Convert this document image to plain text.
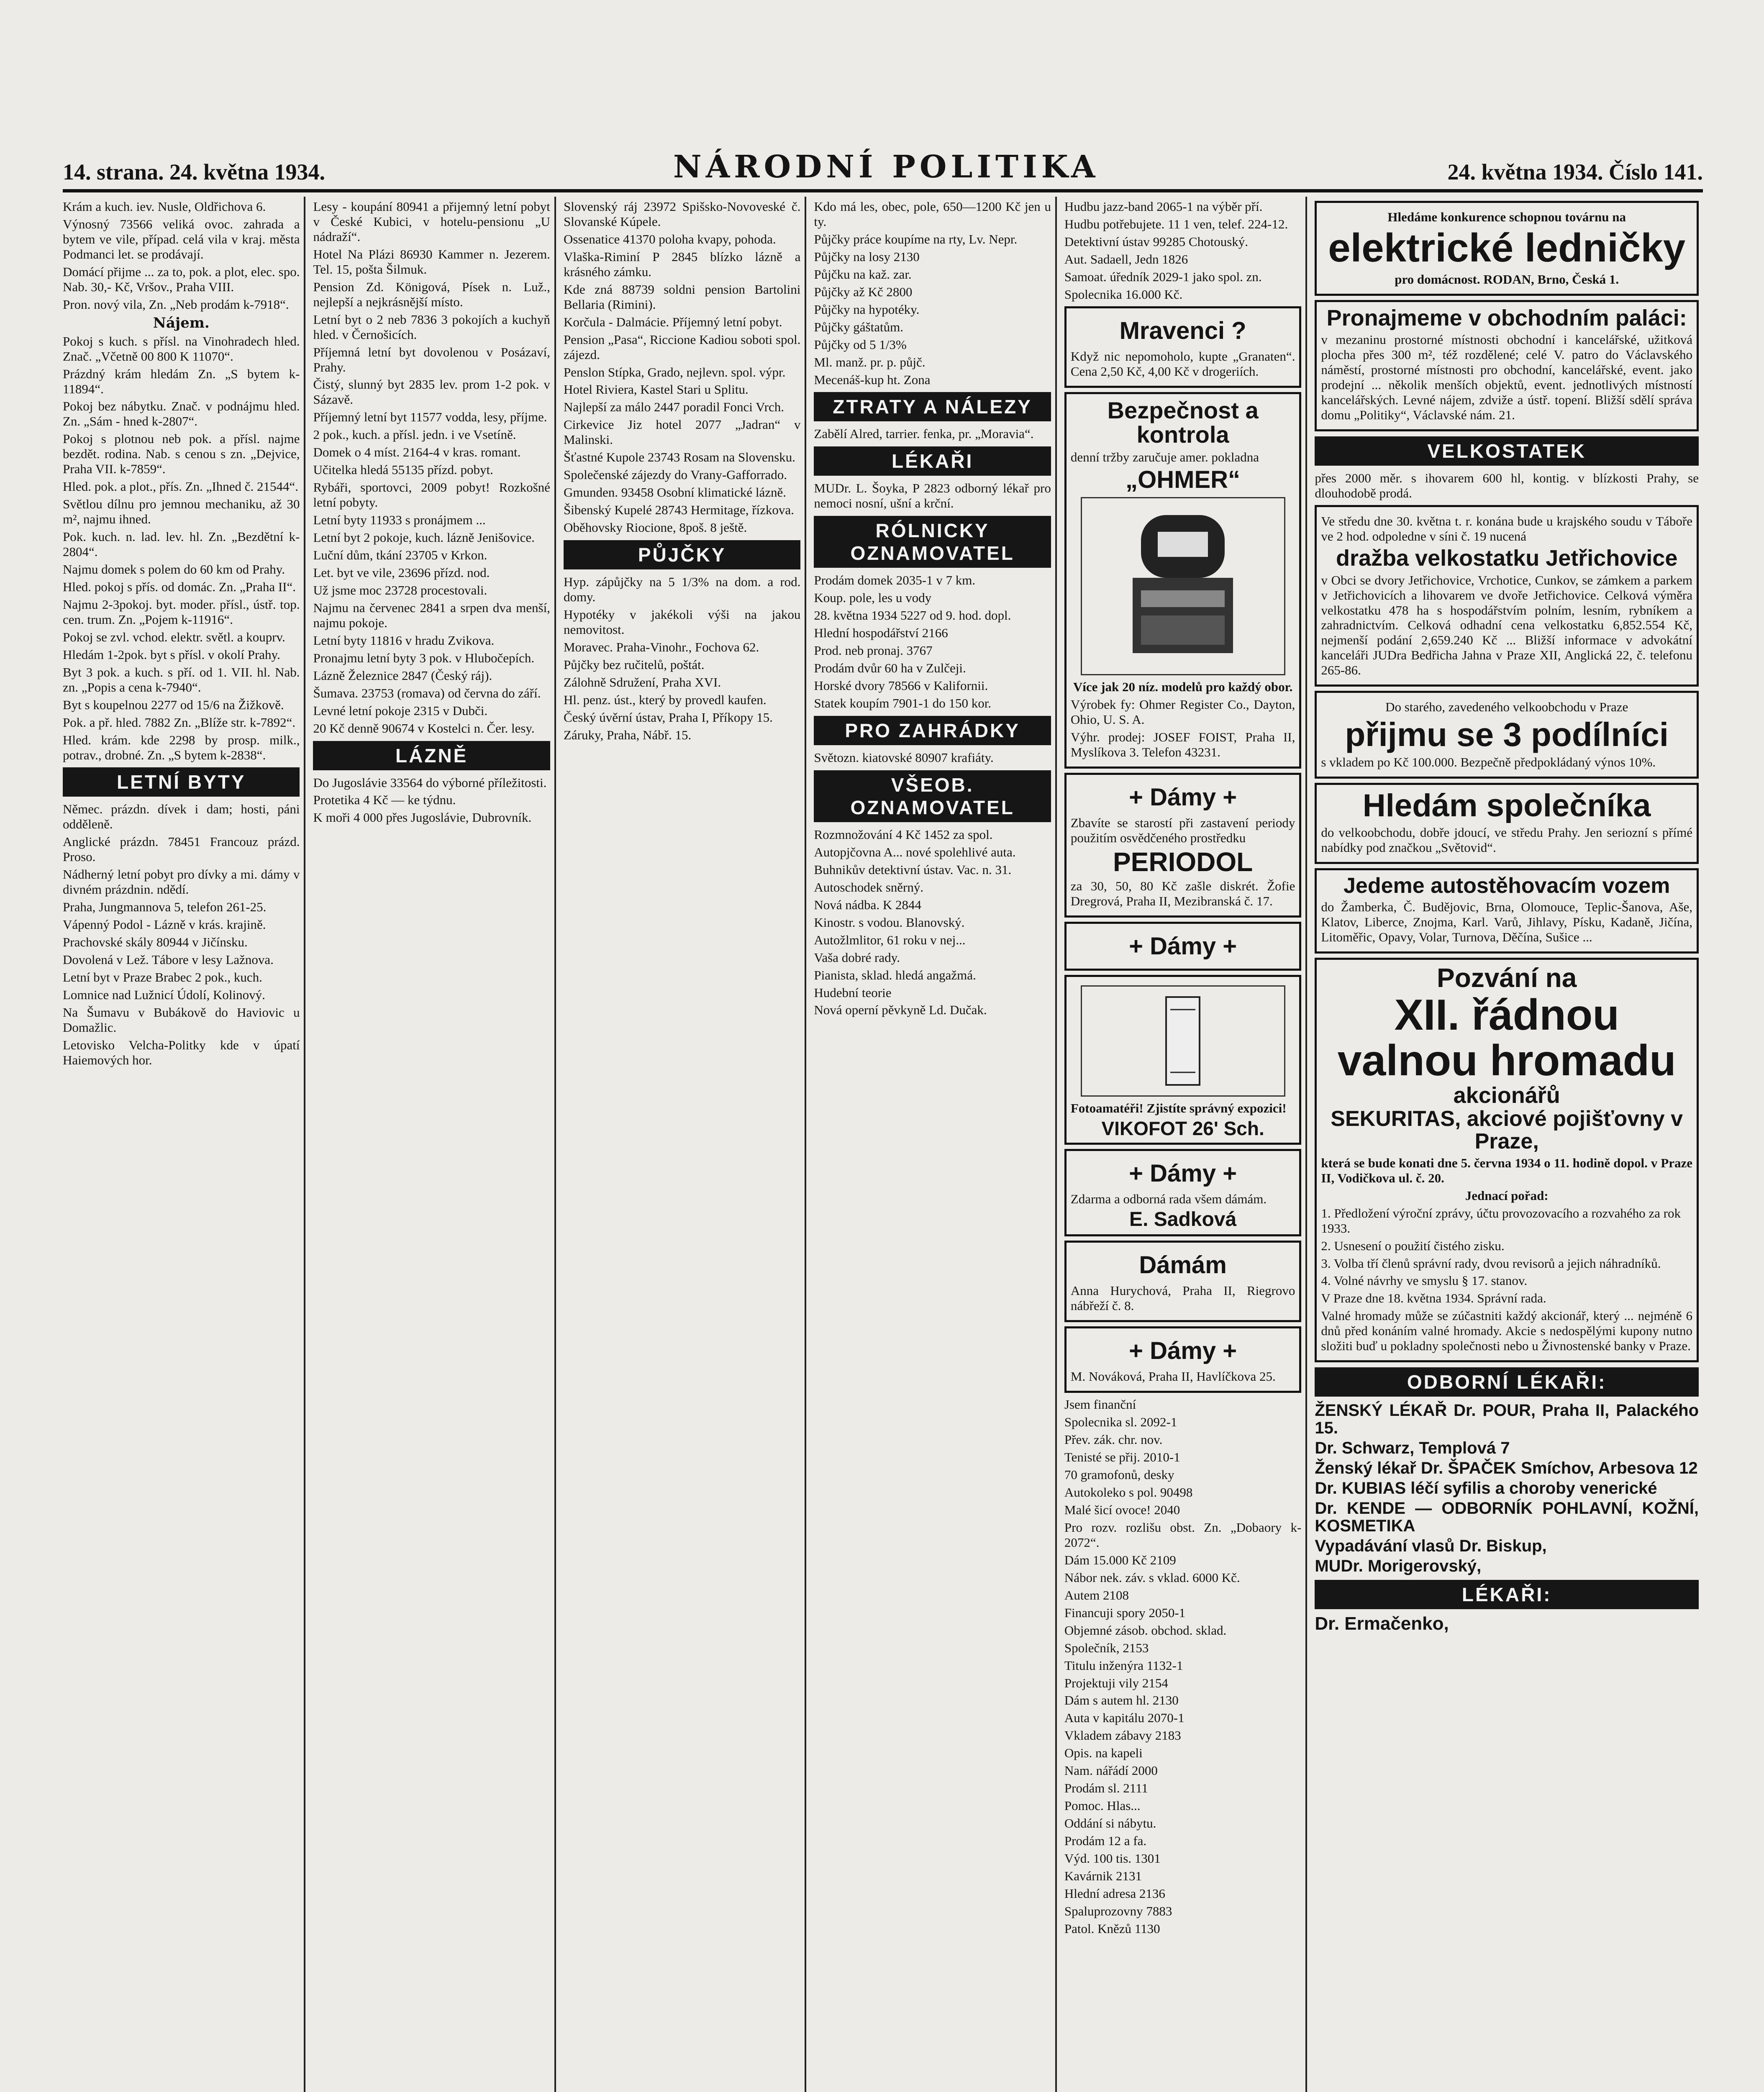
14. strana. 24. května 1934.	NÁRODNÍ POLITIKA	24. května 1934. Číslo 141.
Krám a kuch. iev. Nusle, Oldřichova 6.
Výnosný 73566 veliká ovoc. zahrada a bytem ve vile, případ. celá vila v kraj. města Podmanci let. se prodávají.
Domácí přijme ... za to, pok. a plot, elec. spo. Nab. 30,- Kč, Vršov., Praha VIII.
Pron. nový vila, Zn. „Neb prodám k-7918“.
Nájem.
Pokoj s kuch. s přísl. na Vinohradech hled. Znač. „Včetně 00 800 K 11070“.
Prázdný krám hledám Zn. „S bytem k-11894“.
Pokoj bez nábytku. Znač. v podnájmu hled. Zn. „Sám - hned k-2807“.
Pokoj s plotnou neb pok. a přísl. najme bezdět. rodina. Nab. s cenou s zn. „Dejvice, Praha VII. k-7859“.
Hled. pok. a plot., přís. Zn. „Ihned č. 21544“.
Světlou dílnu pro jemnou mechaniku, až 30 m², najmu ihned.
Pok. kuch. n. lad. lev. hl. Zn. „Bezdětní k-2804“.
Najmu domek s polem do 60 km od Prahy.
Hled. pokoj s přís. od domác. Zn. „Praha II“.
Najmu 2-3pokoj. byt. moder. přísl., ústř. top. cen. trum. Zn. „Pojem k-11916“.
Pokoj se zvl. vchod. elektr. světl. a kouprv.
Hledám 1-2pok. byt s přísl. v okolí Prahy.
Byt 3 pok. a kuch. s pří. od 1. VII. hl. Nab. zn. „Popis a cena k-7940“.
Byt s koupelnou 2277 od 15/6 na Žižkově.
Pok. a př. hled. 7882 Zn. „Blíže str. k-7892“.
Hled. krám. kde 2298 by prosp. milk., potrav., drobné. Zn. „S bytem k-2838“.
LETNÍ BYTY
Němec. prázdn. dívek i dam; hosti, páni odděleně.
Anglické prázdn. 78451 Francouz prázd. Proso.
Nádherný letní pobyt pro dívky a mi. dámy v divném prázdnin. ndědí.
Praha, Jungmannova 5, telefon 261-25.
Vápenný Podol - Lázně v krás. krajině.
Prachovské skály 80944 v Jičínsku.
Dovolená v Lež. Tábore v lesy Lažnova.
Letní byt v Praze Brabec 2 pok., kuch.
Lomnice nad Lužnicí Údolí, Kolinový.
Na Šumavu v Bubákově do Haviovic u Domažlic.
Letovisko Velcha-Politky kde v úpatí Haiemových hor.
Lesy - koupání 80941 a přijemný letní pobyt v České Kubici, v hotelu-pensionu „U nádraží“.
Hotel Na Plázi 86930 Kammer n. Jezerem. Tel. 15, pošta Šilmuk.
Pension Zd. Königová, Písek n. Luž., nejlepší a nejkrásnější místo.
Letní byt o 2 neb 7836 3 pokojích a kuchyň hled. v Černošicích.
Příjemná letní byt dovolenou v Posázaví, Prahy.
Čistý, slunný byt 2835 lev. prom 1-2 pok. v Sázavě.
Příjemný letní byt 11577 vodda, lesy, příjme.
2 pok., kuch. a přísl. jedn. i ve Vsetíně.
Domek o 4 míst. 2164-4 v kras. romant.
Učitelka hledá 55135 přízd. pobyt.
Rybáři, sportovci, 2009 pobyt! Rozkošné letní pobyty.
Letní byty 11933 s pronájmem ...
Letní byt 2 pokoje, kuch. lázně Jenišovice.
Luční dům, tkání 23705 v Krkon.
Let. byt ve vile, 23696 přízd. nod.
Už jsme moc 23728 procestovali.
Najmu na červenec 2841 a srpen dva menší, najmu pokoje.
Letní byty 11816 v hradu Zvikova.
Pronajmu letní byty 3 pok. v Hlubočepích.
Lázně Železnice 2847 (Český ráj).
Šumava. 23753 (romava) od června do září.
Levné letní pokoje 2315 v Dubči.
20 Kč denně 90674 v Kostelci n. Čer. lesy.
LÁZNĚ
Do Jugoslávie 33564 do výborné příležitosti.
Protetika 4 Kč — ke týdnu.
K moři 4 000 přes Jugoslávie, Dubrovník.
Slovenský ráj 23972 Spišsko-Novoveské č. Slovanské Kúpele.
Ossenatice 41370 poloha kvapy, pohoda.
Vlaška-Riminí P 2845 blízko lázně a krásného zámku.
Kde zná 88739 soldni pension Bartolini Bellaria (Rimini).
Korčula - Dalmácie. Příjemný letní pobyt.
Pension „Pasa“, Riccione Kadiou soboti spol. zájezd.
Penslon Stípka, Grado, nejlevn. spol. výpr.
Hotel Riviera, Kastel Stari u Splitu.
Najlepší za málo 2447 poradil Fonci Vrch.
Cirkevice Jiz hotel 2077 „Jadran“ v Malinski.
Šťastné Kupole 23743 Rosam na Slovensku.
Společenské zájezdy do Vrany-Gafforrado.
Gmunden. 93458 Osobní klimatické lázně.
Šibenský Kupelé 28743 Hermitage, řízkova.
Oběhovsky Riocione, 8poš. 8 ještě.
PŮJČKY
Hyp. zápůjčky na 5 1/3% na dom. a rod. domy.
Hypotéky v jakékoli výši na jakou nemovitost.
Moravec. Praha-Vinohr., Fochova 62.
Půjčky bez ručitelů, poštát.
Zálohně Sdružení, Praha XVI.
Hl. penz. úst., který by provedl kaufen.
Český úvěrní ústav, Praha I, Příkopy 15.
Záruky, Praha, Nábř. 15.
Kdo má les, obec, pole, 650—1200 Kč jen u ty.
Půjčky práce koupíme na rty, Lv. Nepr.
Půjčky na losy 2130
Půjčku na kaž. zar.
Půjčky až Kč 2800
Půjčky na hypotéky.
Půjčky gáštatům.
Půjčky od 5 1/3%
Ml. manž. pr. p. půjč.
Mecenáš-kup ht. Zona
ZTRATY A NÁLEZY
Zabělí Alred, tarrier. fenka, pr. „Moravia“.
LÉKAŘI
MUDr. L. Šoyka, P 2823 odborný lékař pro nemoci nosní, ušní a krční.
RÓLNICKY OZNAMOVATEL
Prodám domek 2035-1 v 7 km.
Koup. pole, les u vody
28. května 1934 5227 od 9. hod. dopl.
Hlední hospodářství 2166
Prod. neb pronaj. 3767
Prodám dvůr 60 ha v Zulčeji.
Horské dvory 78566 v Kalifornii.
Statek koupím 7901-1 do 150 kor.
PRO ZAHRÁDKY
Světozn. kiatovské 80907 krafiáty.
VŠEOB. OZNAMOVATEL
Rozmnožování 4 Kč 1452 za spol.
Autopjčovna A... nové spolehlivé auta.
Buhnikův detektivní ústav. Vac. n. 31.
Autoschodek sněrný.
Nová nádba. K 2844
Kinostr. s vodou. Blanovský.
Autožlmlitor, 61 roku v nej...
Vaša dobré rady.
Pianista, sklad. hledá angažmá.
Hudební teorie
Nová operní pěvkyně Ld. Dučak.
Hudbu jazz-band 2065-1 na výběr pří.
Hudbu potřebujete. 11 1 ven, telef. 224-12.
Detektivní ústav 99285 Chotouský.
Aut. Sadaell, Jedn 1826
Samoat. úředník 2029-1 jako spol. zn.
Spolecnika 16.000 Kč.
Mravenci ?
Když nic nepomoholo, kupte „Granaten“. Cena 2,50 Kč, 4,00 Kč v drogeriích.
Bezpečnost a kontrola
denní tržby zaručuje amer. pokladna
„OHMER“
Více jak 20 níz. modelů pro každý obor.
Výrobek fy: Ohmer Register Co., Dayton, Ohio, U. S. A.
Výhr. prodej: JOSEF FOIST, Praha II, Myslíkova 3. Telefon 43231.
+ Dámy +
Zbavíte se starostí při zastavení periody použitím osvědčeného prostředku
PERIODOL
za 30, 50, 80 Kč zašle diskrét. Žofie Dregrová, Praha II, Mezibranská č. 17.
+ Dámy +
Fotoamatéři! Zjistíte správný expozici!
VIKOFOT 26' Sch.
+ Dámy +
Zdarma a odborná rada všem dámám.
E. Sadková
Dámám
Anna Hurychová, Praha II, Riegrovo nábřeží č. 8.
+ Dámy +
M. Nováková, Praha II, Havlíčkova 25.
Jsem finanční
Spolecnika sl. 2092-1
Přev. zák. chr. nov.
Tenisté se přij. 2010-1
70 gramofonů, desky
Autokoleko s pol. 90498
Malé šicí ovoce! 2040
Pro rozv. rozlišu obst. Zn. „Dobaory k-2072“.
Dám 15.000 Kč 2109
Nábor nek. záv. s vklad. 6000 Kč.
Autem 2108
Financuji spory 2050-1
Objemné zásob. obchod. sklad.
Společník, 2153
Titulu inženýra 1132-1
Projektuji vily 2154
Dám s autem hl. 2130
Auta v kapitálu 2070-1
Vkladem zábavy 2183
Opis. na kapeli
Nam. nářádí 2000
Prodám sl. 2111
Pomoc. Hlas...
Oddání si nábytu.
Prodám 12 a fa.
Výd. 100 tis. 1301
Kavárnik 2131
Hlední adresa 2136
Spaluprozovny 7883
Patol. Knězů 1130
Hledáme konkurence schopnou továrnu na
elektrické ledničky
pro domácnost. RODAN, Brno, Česká 1.
Pronajmeme v obchodním paláci:
v mezaninu prostorné místnosti obchodní i kancelářské, užitková plocha přes 300 m², též rozdělené; celé V. patro do Václavského náměstí, prostorné místnosti pro obchodní, kancelářské, event. jako prodejní ... několik menších objektů, event. jednotlivých místností kancelářských. Levné nájem, zdviže a ústř. topení. Bližší sdělí správa domu „Politiky“, Václavské nám. 21.
VELKOSTATEK
přes 2000 měr. s ihovarem 600 hl, kontig. v blízkosti Prahy, se dlouhodobě prodá.
Ve středu dne 30. května t. r. konána bude u krajského soudu v Táboře ve 2 hod. odpoledne v síni č. 19 nucená
dražba velkostatku Jetřichovice
v Obci se dvory Jetřichovice, Vrchotice, Cunkov, se zámkem a parkem v Jetřichovicích a lihovarem ve dvoře Jetřichovice. Celková výměra velkostatku 478 ha s hospodářstvím polním, lesním, rybníkem a zahradnictvím. Celková odhadní cena velkostatku 6,852.554 Kč, nejmenší podání 2,659.240 Kč ... Bližší informace v advokátní kanceláři JUDra Bedřicha Jahna v Praze XII, Anglická 22, č. telefonu 265-86.
Do starého, zavedeného velkoobchodu v Praze
přijmu se 3 podílníci
s vkladem po Kč 100.000. Bezpečně předpokládaný výnos 10%.
Hledám společníka
do velkoobchodu, dobře jdoucí, ve středu Prahy. Jen seriozní s přímé nabídky pod značkou „Světovid“.
Jedeme autostěhovacím vozem
do Žamberka, Č. Budějovic, Brna, Olomouce, Teplic-Šanova, Aše, Klatov, Liberce, Znojma, Karl. Varů, Jihlavy, Písku, Kadaně, Jičína, Litoměřic, Opavy, Volar, Turnova, Děčína, Sušice ...
Pozvání na
XII. řádnou valnou hromadu
akcionářů
SEKURITAS, akciové pojišťovny v Praze,
která se bude konati dne 5. června 1934 o 11. hodině dopol. v Praze II, Vodičkova ul. č. 20.
Jednací pořad:
1. Předložení výroční zprávy, účtu provozovacího a rozvahého za rok 1933.
2. Usnesení o použití čistého zisku.
3. Volba tří členů správní rady, dvou revisorů a jejich náhradníků.
4. Volné návrhy ve smyslu § 17. stanov.
V Praze dne 18. května 1934. Správní rada.
Valné hromady může se zúčastniti každý akcionář, který ... nejméně 6 dnů před konáním valné hromady. Akcie s nedospělými kupony nutno složiti buď u pokladny společnosti nebo u Živnostenské banky v Praze.
ODBORNÍ LÉKAŘI:
ŽENSKÝ LÉKAŘ Dr. POUR, Praha II, Palackého 15.
Dr. Schwarz, Templová 7
Ženský lékař Dr. ŠPAČEK Smíchov, Arbesova 12
Dr. KUBIAS léčí syfilis a choroby venerické
Dr. KENDE — ODBORNÍK POHLAVNÍ, KOŽNÍ, KOSMETIKA
Vypadávání vlasů Dr. Biskup,
MUDr. Morigerovský,
LÉKAŘI:
Dr. Ermačenko,
